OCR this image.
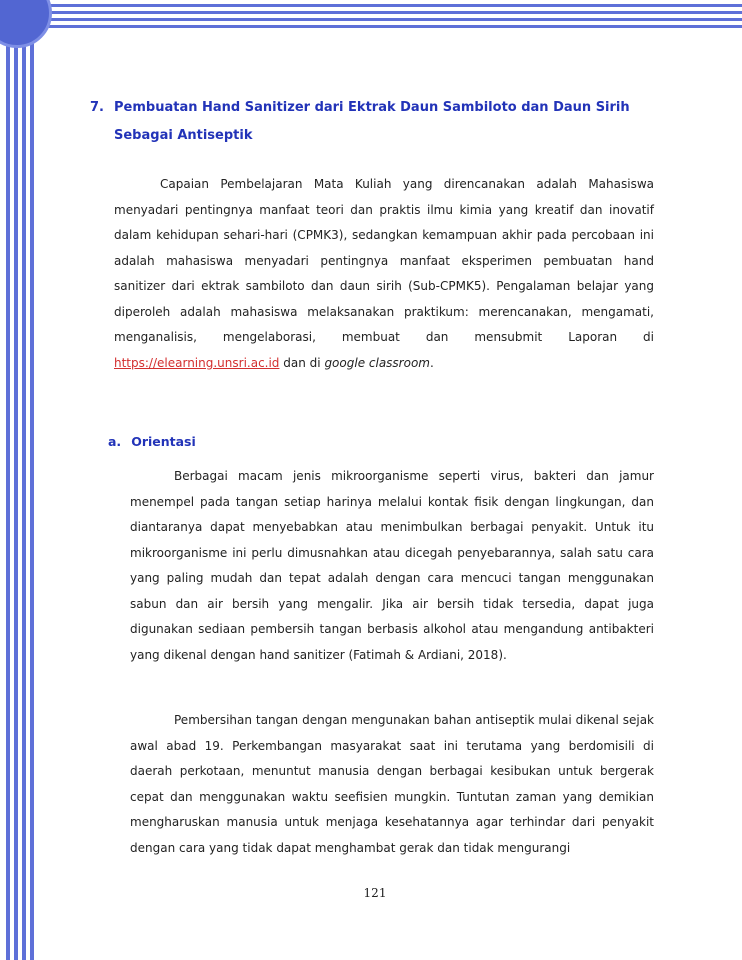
7. Pembuatan Hand Sanitizer dari Ektrak Daun Sambiloto dan Daun Sirih Sebagai Antiseptik
Capaian Pembelajaran Mata Kuliah yang direncanakan adalah Mahasiswa menyadari pentingnya manfaat teori dan praktis ilmu kimia yang kreatif dan inovatif dalam kehidupan sehari-hari (CPMK3), sedangkan kemampuan akhir pada percobaan ini adalah mahasiswa menyadari pentingnya manfaat eksperimen pembuatan hand sanitizer dari ektrak sambiloto dan daun sirih (Sub-CPMK5). Pengalaman belajar yang diperoleh adalah mahasiswa melaksanakan praktikum: merencanakan, mengamati, menganalisis, mengelaborasi, membuat dan mensubmit Laporan di https://elearning.unsri.ac.id dan di google classroom.
a. Orientasi
Berbagai macam jenis mikroorganisme seperti virus, bakteri dan jamur menempel pada tangan setiap harinya melalui kontak fisik dengan lingkungan, dan diantaranya dapat menyebabkan atau menimbulkan berbagai penyakit. Untuk itu mikroorganisme ini perlu dimusnahkan atau dicegah penyebarannya, salah satu cara yang paling mudah dan tepat adalah dengan cara mencuci tangan menggunakan sabun dan air bersih yang mengalir. Jika air bersih tidak tersedia, dapat juga digunakan sediaan pembersih tangan berbasis alkohol atau mengandung antibakteri yang dikenal dengan hand sanitizer (Fatimah & Ardiani, 2018).
Pembersihan tangan dengan mengunakan bahan antiseptik mulai dikenal sejak awal abad 19. Perkembangan masyarakat saat ini terutama yang berdomisili di daerah perkotaan, menuntut manusia dengan berbagai kesibukan untuk bergerak cepat dan menggunakan waktu seefisien mungkin. Tuntutan zaman yang demikian mengharuskan manusia untuk menjaga kesehatannya agar terhindar dari penyakit dengan cara yang tidak dapat menghambat gerak dan tidak mengurangi
121
